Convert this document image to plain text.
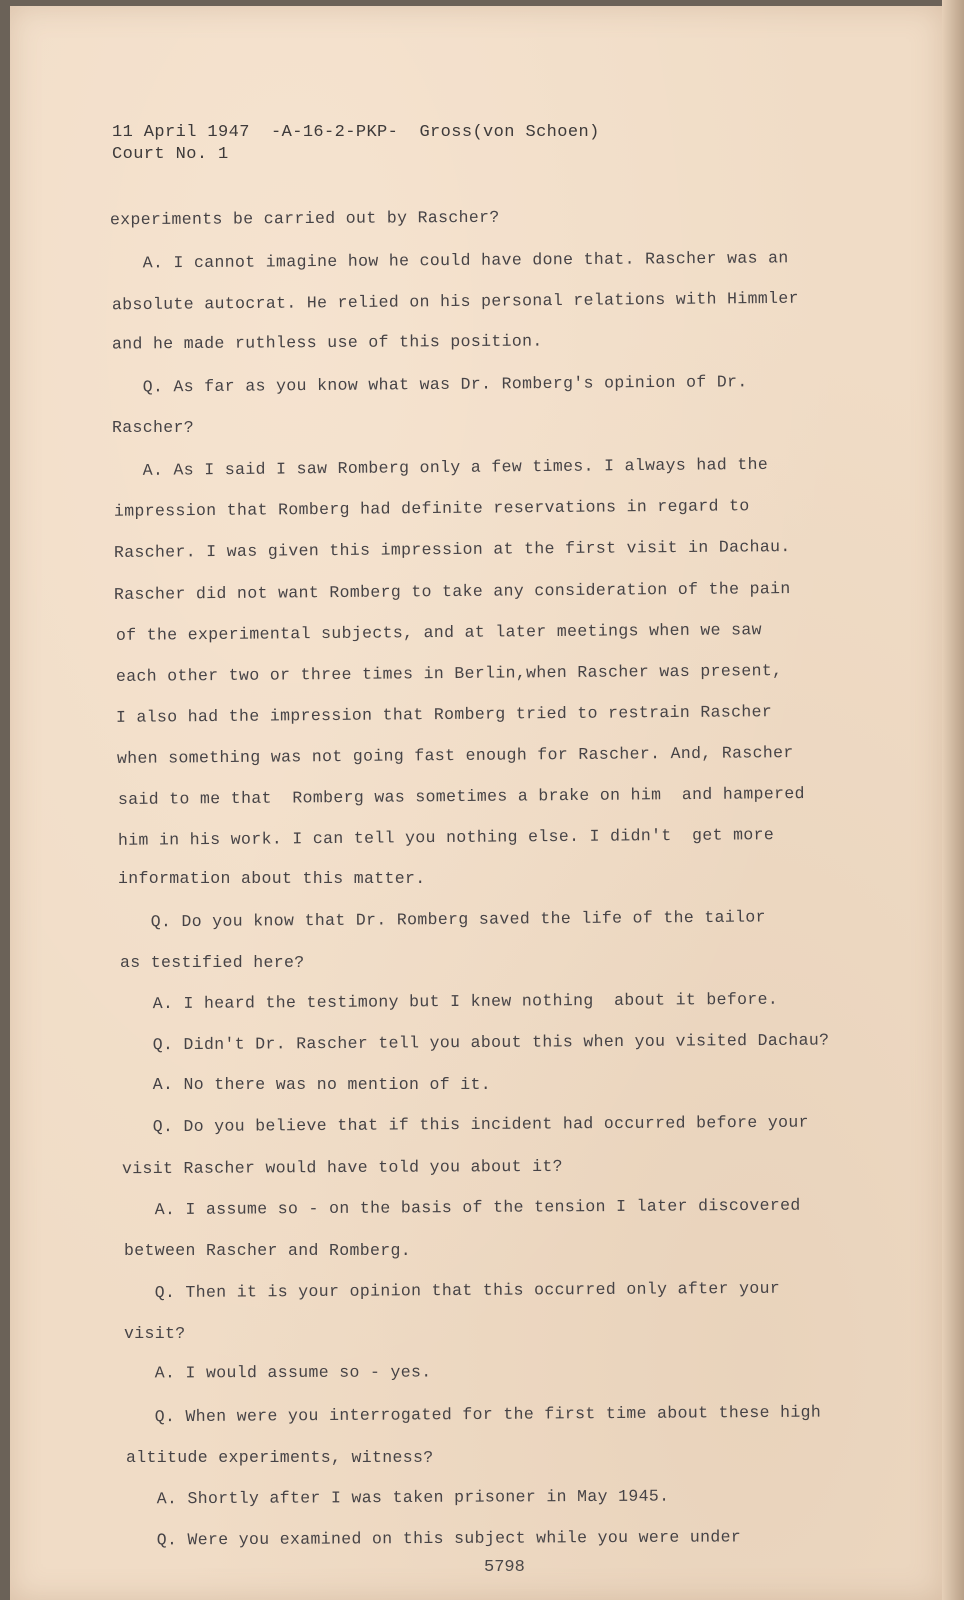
11 April 1947  -A-16-2-PKP-  Gross(von Schoen)
Court No. 1
experiments be carried out by Rascher?
A. I cannot imagine how he could have done that. Rascher was an
absolute autocrat. He relied on his personal relations with Himmler
and he made ruthless use of this position.
Q. As far as you know what was Dr. Romberg's opinion of Dr.
Rascher?
A. As I said I saw Romberg only a few times. I always had the
impression that Romberg had definite reservations in regard to
Rascher. I was given this impression at the first visit in Dachau.
Rascher did not want Romberg to take any consideration of the pain
of the experimental subjects, and at later meetings when we saw
each other two or three times in Berlin,when Rascher was present,
I also had the impression that Romberg tried to restrain Rascher
when something was not going fast enough for Rascher. And, Rascher
said to me that  Romberg was sometimes a brake on him  and hampered
him in his work. I can tell you nothing else. I didn't  get more
information about this matter.
Q. Do you know that Dr. Romberg saved the life of the tailor
as testified here?
A. I heard the testimony but I knew nothing  about it before.
Q. Didn't Dr. Rascher tell you about this when you visited Dachau?
A. No there was no mention of it.
Q. Do you believe that if this incident had occurred before your
visit Rascher would have told you about it?
A. I assume so - on the basis of the tension I later discovered
between Rascher and Romberg.
Q. Then it is your opinion that this occurred only after your
visit?
A. I would assume so - yes.
Q. When were you interrogated for the first time about these high
altitude experiments, witness?
A. Shortly after I was taken prisoner in May 1945.
Q. Were you examined on this subject while you were under
5798
